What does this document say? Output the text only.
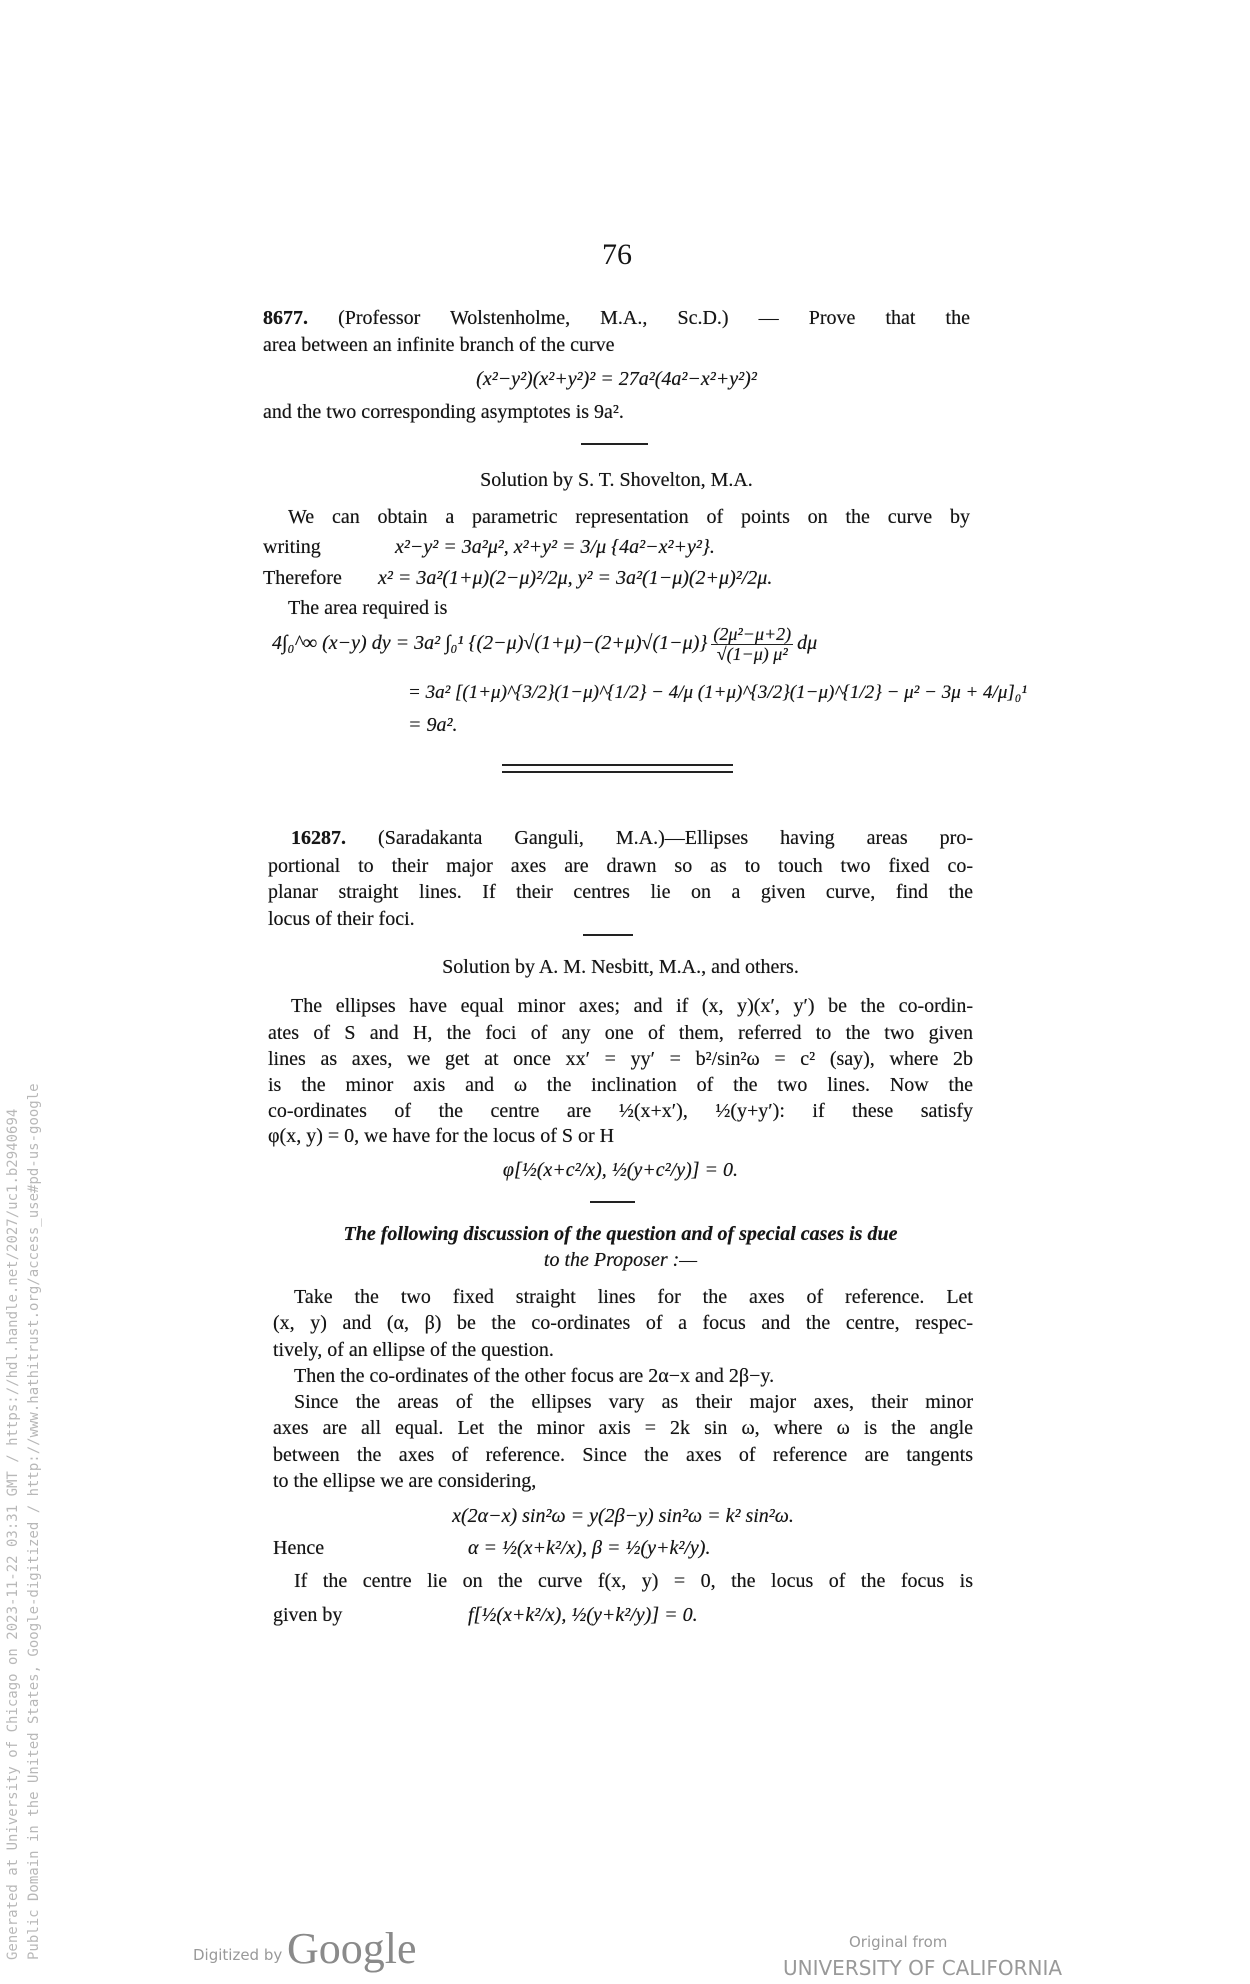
76
8677. (Professor Wolstenholme, M.A., Sc.D.) — Prove that the
area between an infinite branch of the curve
(x²−y²)(x²+y²)² = 27a²(4a²−x²+y²)²
and the two corresponding asymptotes is 9a².
Solution by S. T. Shovelton, M.A.
We can obtain a parametric representation of points on the curve by
writing	x²−y² = 3a²μ², x²+y² = 3/μ {4a²−x²+y²}.
Therefore x² = 3a²(1+μ)(2−μ)²/2μ, y² = 3a²(1−μ)(2+μ)²/2μ.
The area required is
4∫₀^∞ (x−y) dy = 3a² ∫₀¹ $\{(2-\mu)√(1+\mu)-(2+\mu)√(1-\mu)\} \frac{\text{(2μ²−μ+2)}}{\text{√(1−μ) μ²}}$ dμ
= 3a² [(1+μ)^{3/2}(1−μ)^{1/2} − 4/μ (1+μ)^{3/2}(1−μ)^{1/2} − μ² − 3μ + 4/μ]₀¹
= 9a².
16287. (Saradakanta Ganguli, M.A.)—Ellipses having areas pro-
portional to their major axes are drawn so as to touch two fixed co-
planar straight lines. If their centres lie on a given curve, find the
locus of their foci.
Solution by A. M. Nesbitt, M.A., and others.
The ellipses have equal minor axes; and if (x, y)(x′, y′) be the co-ordin-
ates of S and H, the foci of any one of them, referred to the two given
lines as axes, we get at once xx′ = yy′ = b²/sin²ω = c² (say), where 2b
is the minor axis and ω the inclination of the two lines. Now the
co-ordinates of the centre are ½(x+x′), ½(y+y′): if these satisfy
φ(x, y) = 0, we have for the locus of S or H
φ[½(x+c²/x), ½(y+c²/y)] = 0.
The following discussion of the question and of special cases is due
to the Proposer :—
Take the two fixed straight lines for the axes of reference. Let
(x, y) and (α, β) be the co-ordinates of a focus and the centre, respec-
tively, of an ellipse of the question.
Then the co-ordinates of the other focus are 2α−x and 2β−y.
Since the areas of the ellipses vary as their major axes, their minor
axes are all equal. Let the minor axis = 2k sin ω, where ω is the angle
between the axes of reference. Since the axes of reference are tangents
to the ellipse we are considering,
x(2α−x) sin²ω = y(2β−y) sin²ω = k² sin²ω.
Hence	α = ½(x+k²/x), β = ½(y+k²/y).
If the centre lie on the curve f(x, y) = 0, the locus of the focus is
given by	f[½(x+k²/x), ½(y+k²/y)] = 0.
Generated at University of Chicago on 2023-11-22 03:31 GMT / https://hdl.handle.net/2027/uc1.b2940694 Public Domain in the United States, Google-digitized / http://www.hathitrust.org/access_use#pd-us-google	Digitized by Google	Original from
UNIVERSITY OF CALIFORNIA
